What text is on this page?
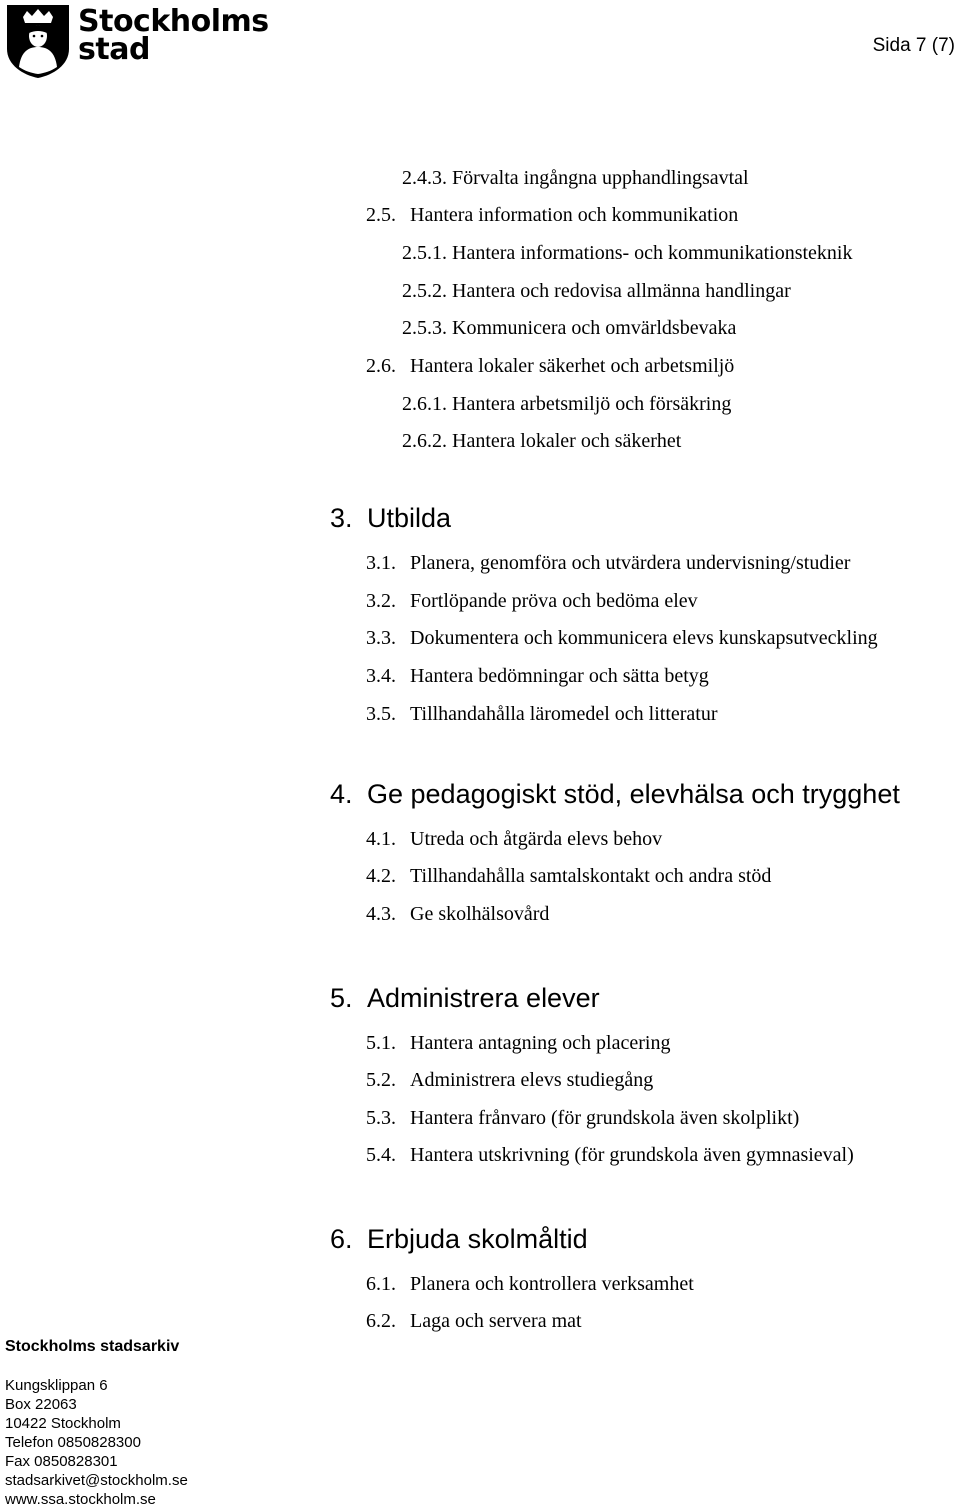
Stockholms
stad	Sida 7 (7)
2.4.3. Förvalta ingångna upphandlingsavtal
2.5. Hantera information och kommunikation
2.5.1. Hantera informations- och kommunikationsteknik
2.5.2. Hantera och redovisa allmänna handlingar
2.5.3. Kommunicera och omvärldsbevaka
2.6. Hantera lokaler säkerhet och arbetsmiljö
2.6.1. Hantera arbetsmiljö och försäkring
2.6.2. Hantera lokaler och säkerhet
3. Utbilda
3.1. Planera, genomföra och utvärdera undervisning/studier
3.2. Fortlöpande pröva och bedöma elev
3.3. Dokumentera och kommunicera elevs kunskapsutveckling
3.4. Hantera bedömningar och sätta betyg
3.5. Tillhandahålla läromedel och litteratur
4. Ge pedagogiskt stöd, elevhälsa och trygghet
4.1. Utreda och åtgärda elevs behov
4.2. Tillhandahålla samtalskontakt och andra stöd
4.3. Ge skolhälsovård
5. Administrera elever
5.1. Hantera antagning och placering
5.2. Administrera elevs studiegång
5.3. Hantera frånvaro (för grundskola även skolplikt)
5.4. Hantera utskrivning (för grundskola även gymnasieval)
6. Erbjuda skolmåltid
6.1. Planera och kontrollera verksamhet
6.2. Laga och servera mat
Stockholms stadsarkiv
Kungsklippan 6
Box 22063
10422 Stockholm
Telefon 0850828300
Fax 0850828301
stadsarkivet@stockholm.se
www.ssa.stockholm.se
